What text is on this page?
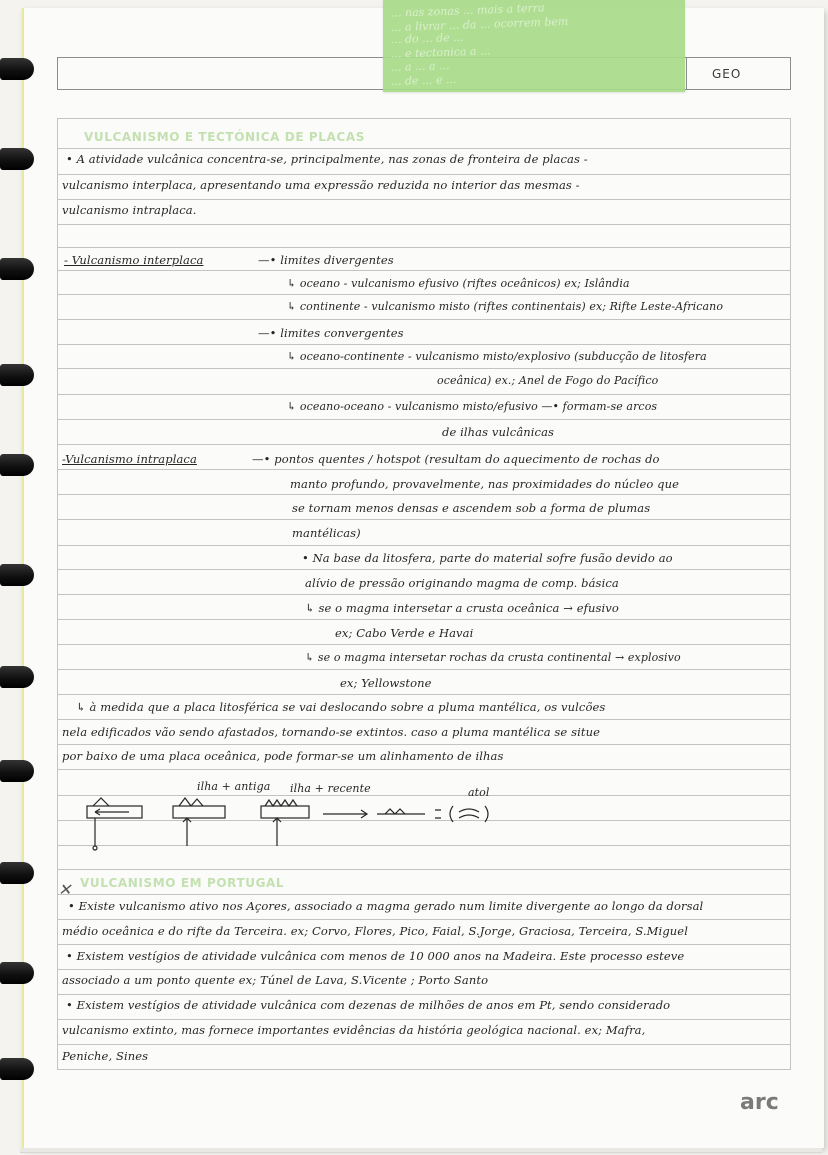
GEO
... nas zonas ... mais a terra
... a livrar ... da ... ocorrem bem
... do ... de ...
... e tectonica a ...
... a ... a ...
... de ... e ...
VULCANISMO E TECTÓNICA DE PLACAS
• A atividade vulcânica concentra-se, principalmente, nas zonas de fronteira de placas -
vulcanismo interplaca, apresentando uma expressão reduzida no interior das mesmas -
vulcanismo intraplaca.
- Vulcanismo interplaca	—• limites divergentes
↳ oceano - vulcanismo efusivo (riftes oceânicos) ex; Islândia
↳ continente - vulcanismo misto (riftes continentais) ex; Rifte Leste-Africano
—• limites convergentes
↳ oceano-continente - vulcanismo misto/explosivo (subducção de litosfera
oceânica) ex.; Anel de Fogo do Pacífico
↳ oceano-oceano - vulcanismo misto/efusivo —• formam-se arcos
de ilhas vulcânicas
-Vulcanismo intraplaca	—• pontos quentes / hotspot (resultam do aquecimento de rochas do
manto profundo, provavelmente, nas proximidades do núcleo que
se tornam menos densas e ascendem sob a forma de plumas
mantélicas)
• Na base da litosfera, parte do material sofre fusão devido ao
alívio de pressão originando magma de comp. básica
↳ se o magma intersetar a crusta oceânica → efusivo
ex; Cabo Verde e Havai
↳ se o magma intersetar rochas da crusta continental → explosivo
ex; Yellowstone
↳ à medida que a placa litosférica se vai deslocando sobre a pluma mantélica, os vulcões
nela edificados vão sendo afastados, tornando-se extintos. caso a pluma mantélica se situe
por baixo de uma placa oceânica, pode formar-se um alinhamento de ilhas
ilha + antiga ilha + recente	atol
VULCANISMO EM PORTUGAL
✕
• Existe vulcanismo ativo nos Açores, associado a magma gerado num limite divergente ao longo da dorsal
médio oceânica e do rifte da Terceira. ex; Corvo, Flores, Pico, Faial, S.Jorge, Graciosa, Terceira, S.Miguel
• Existem vestígios de atividade vulcânica com menos de 10 000 anos na Madeira. Este processo esteve
associado a um ponto quente ex; Túnel de Lava, S.Vicente ; Porto Santo
• Existem vestígios de atividade vulcânica com dezenas de milhões de anos em Pt, sendo considerado
vulcanismo extinto, mas fornece importantes evidências da história geológica nacional. ex; Mafra,
Peniche, Sines
arc
